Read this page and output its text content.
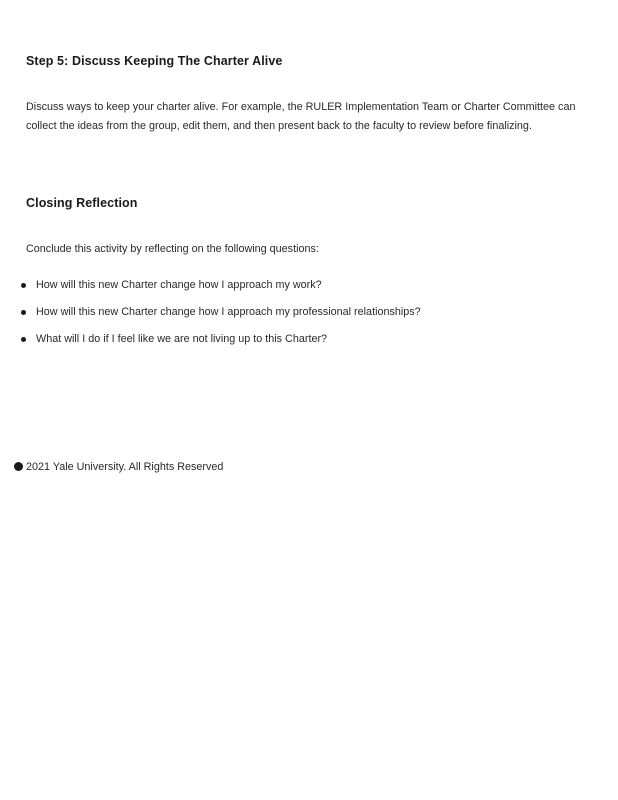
Step 5: Discuss Keeping The Charter Alive

Discuss ways to keep your charter alive. For example, the RULER Implementation Team or Charter Committee can collect the ideas from the group, edit them, and then present back to the faculty to review before finalizing.

Closing Reflection

Conclude this activity by reflecting on the following questions:

How will this new Charter change how I approach my work?
How will this new Charter change how I approach my professional relationships?
What will I do if I feel like we are not living up to this Charter?
2021 Yale University. All Rights Reserved
